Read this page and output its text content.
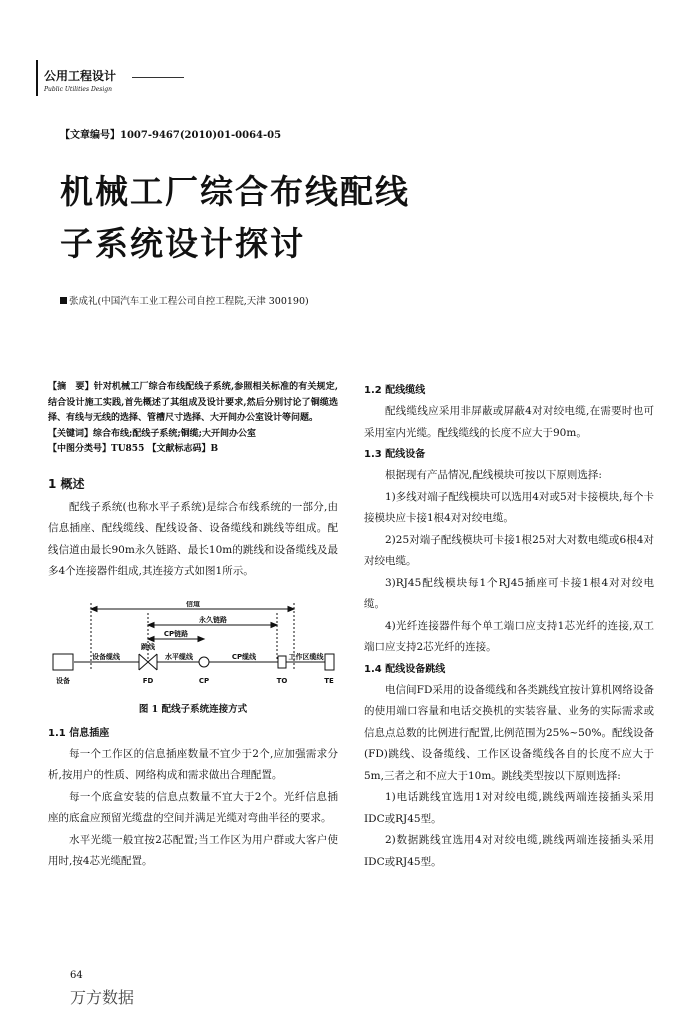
公用工程设计
Public Utilities Design
【文章编号】1007-9467(2010)01-0064-05
机械工厂综合布线配线
子系统设计探讨
张成礼(中国汽车工业工程公司自控工程院,天津 300190)

【摘　要】针对机械工厂综合布线配线子系统,参照相关标准的有关规定,结合设计施工实践,首先概述了其组成及设计要求,然后分别讨论了铜缆选择、有线与无线的选择、管槽尺寸选择、大开间办公室设计等问题。

【关键词】综合布线;配线子系统;铜缆;大开间办公室

【中图分类号】TU855 【文献标志码】B

1 概述

配线子系统(也称水平子系统)是综合布线系统的一部分,由信息插座、配线缆线、配线设备、设备缆线和跳线等组成。配线信道由最长90m永久链路、最长10m的跳线和设备缆线及最多4个连接器件组成,其连接方式如图1所示。

信道
永久链路
CP链路
跳线
设备缆线	水平缆线	CP缆线	工作区缆线
设备	FD	CP	TO	TE
图 1 配线子系统连接方式
1.1 信息插座

每一个工作区的信息插座数量不宜少于2个,应加强需求分析,按用户的性质、网络构成和需求做出合理配置。

每一个底盒安装的信息点数量不宜大于2个。光纤信息插座的底盒应预留光缆盘的空间并满足光缆对弯曲半径的要求。

水平光缆一般宜按2芯配置;当工作区为用户群或大客户使用时,按4芯光缆配置。

1.2 配线缆线

配线缆线应采用非屏蔽或屏蔽4对对绞电缆,在需要时也可采用室内光缆。配线缆线的长度不应大于90m。

1.3 配线设备

根据现有产品情况,配线模块可按以下原则选择:

1)多线对端子配线模块可以选用4对或5对卡接模块,每个卡接模块应卡接1根4对对绞电缆。

2)25对端子配线模块可卡接1根25对大对数电缆或6根4对对绞电缆。

3)RJ45配线模块每1个RJ45插座可卡接1根4对对绞电缆。

4)光纤连接器件每个单工端口应支持1芯光纤的连接,双工端口应支持2芯光纤的连接。

1.4 配线设备跳线

电信间FD采用的设备缆线和各类跳线宜按计算机网络设备的使用端口容量和电话交换机的实装容量、业务的实际需求或信息点总数的比例进行配置,比例范围为25%~50%。配线设备(FD)跳线、设备缆线、工作区设备缆线各自的长度不应大于5m,三者之和不应大于10m。跳线类型按以下原则选择:

1)电话跳线宜选用1对对绞电缆,跳线两端连接插头采用IDC或RJ45型。

2)数据跳线宜选用4对对绞电缆,跳线两端连接插头采用IDC或RJ45型。

64
万方数据
